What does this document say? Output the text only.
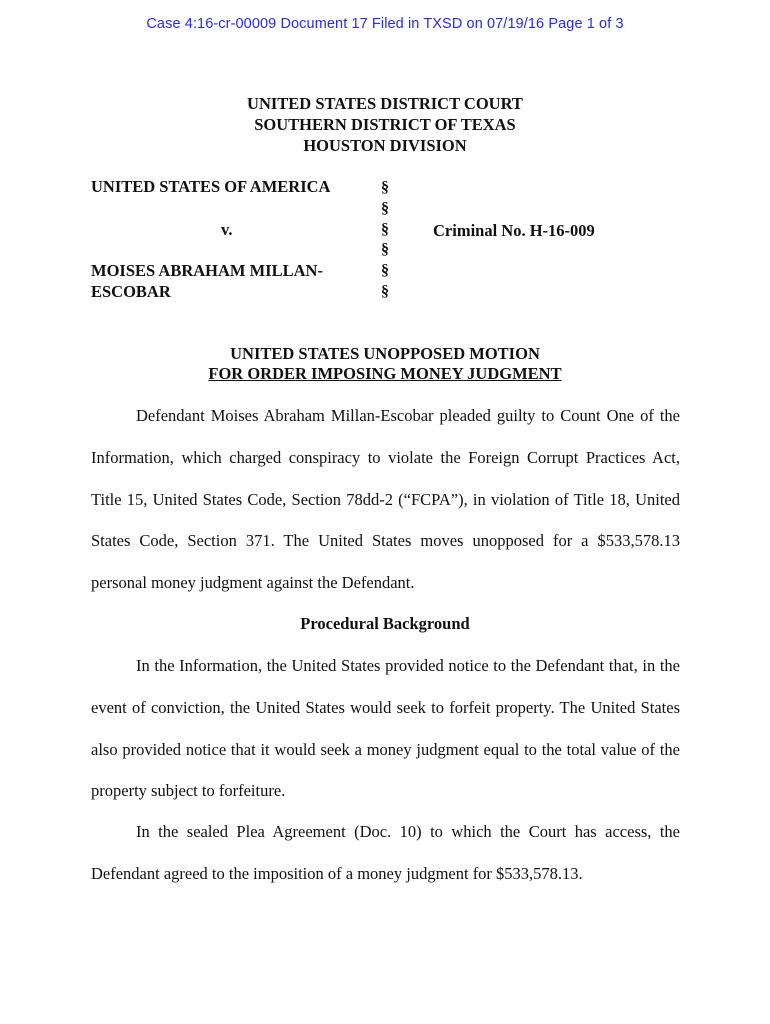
Case 4:16-cr-00009 Document 17 Filed in TXSD on 07/19/16 Page 1 of 3
UNITED STATES DISTRICT COURT
SOUTHERN DISTRICT OF TEXAS
HOUSTON DIVISION
UNITED STATES OF AMERICA
v.
MOISES ABRAHAM MILLAN-ESCOBAR
§
§
§
§
§
§
Criminal No. H-16-009
UNITED STATES UNOPPOSED MOTION
FOR ORDER IMPOSING MONEY JUDGMENT
Defendant Moises Abraham Millan-Escobar pleaded guilty to Count One of the Information, which charged conspiracy to violate the Foreign Corrupt Practices Act, Title 15, United States Code, Section 78dd-2 (“FCPA”), in violation of Title 18, United States Code, Section 371. The United States moves unopposed for a $533,578.13 personal money judgment against the Defendant.
Procedural Background
In the Information, the United States provided notice to the Defendant that, in the event of conviction, the United States would seek to forfeit property. The United States also provided notice that it would seek a money judgment equal to the total value of the property subject to forfeiture.
In the sealed Plea Agreement (Doc. 10) to which the Court has access, the Defendant agreed to the imposition of a money judgment for $533,578.13.
